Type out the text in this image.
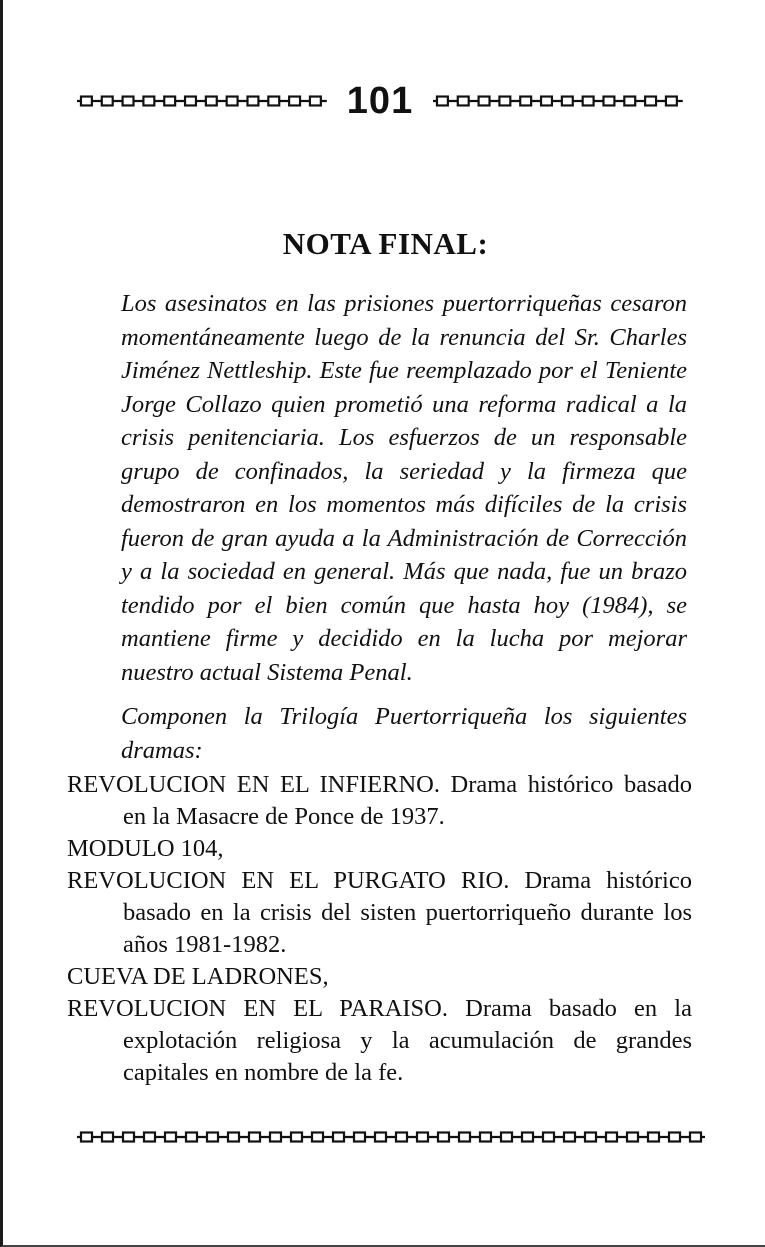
101
NOTA FINAL:

Los asesinatos en las prisiones puertorriqueñas cesaron momentáneamente luego de la renuncia del Sr. Charles Jiménez Nettleship. Este fue reemplazado por el Teniente Jorge Collazo quien prometió una reforma radical a la crisis penitenciaria. Los esfuerzos de un responsable grupo de confinados, la seriedad y la firmeza que demostraron en los momentos más difíciles de la crisis fueron de gran ayuda a la Administración de Corrección y a la sociedad en general. Más que nada, fue un brazo tendido por el bien común que hasta hoy (1984), se mantiene firme y decidido en la lucha por mejorar nuestro actual Sistema Penal.

Componen la Trilogía Puertorriqueña los siguientes dramas:

REVOLUCION EN EL INFIERNO. Drama histórico basado en la Masacre de Ponce de 1937.

MODULO 104,

REVOLUCION EN EL PURGATO RIO. Drama histórico basado en la crisis del sisten puertorriqueño durante los años 1981-1982.

CUEVA DE LADRONES,

REVOLUCION EN EL PARAISO. Drama basado en la explotación religiosa y la acumulación de grandes capitales en nombre de la fe.
